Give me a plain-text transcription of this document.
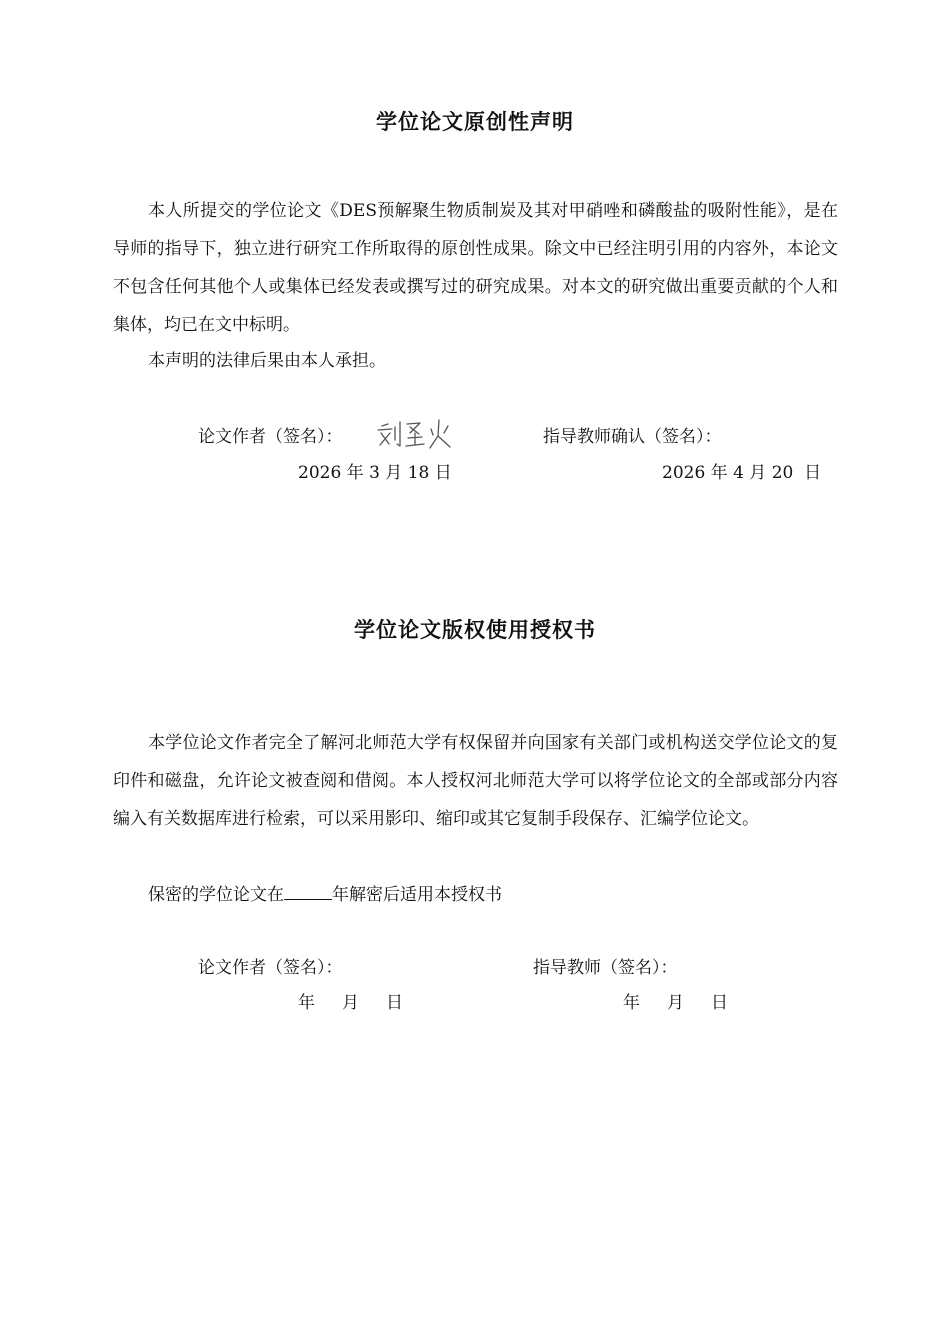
学位论文原创性声明
本人所提交的学位论文《DES预解聚生物质制炭及其对甲硝唑和磷酸盐的吸附性能》，是在导师的指导下，独立进行研究工作所取得的原创性成果。除文中已经注明引用的内容外，本论文不包含任何其他个人或集体已经发表或撰写过的研究成果。对本文的研究做出重要贡献的个人和集体，均已在文中标明。
本声明的法律后果由本人承担。
论文作者（签名）：	指导教师确认（签名）：
2026 年 3 月 18 日	2026 年 4 月 20  日
学位论文版权使用授权书
本学位论文作者完全了解河北师范大学有权保留并向国家有关部门或机构送交学位论文的复印件和磁盘，允许论文被查阅和借阅。本人授权河北师范大学可以将学位论文的全部或部分内容编入有关数据库进行检索，可以采用影印、缩印或其它复制手段保存、汇编学位论文。
保密的学位论文在	年解密后适用本授权书
论文作者（签名）：	指导教师（签名）：
年     月     日	年     月     日
